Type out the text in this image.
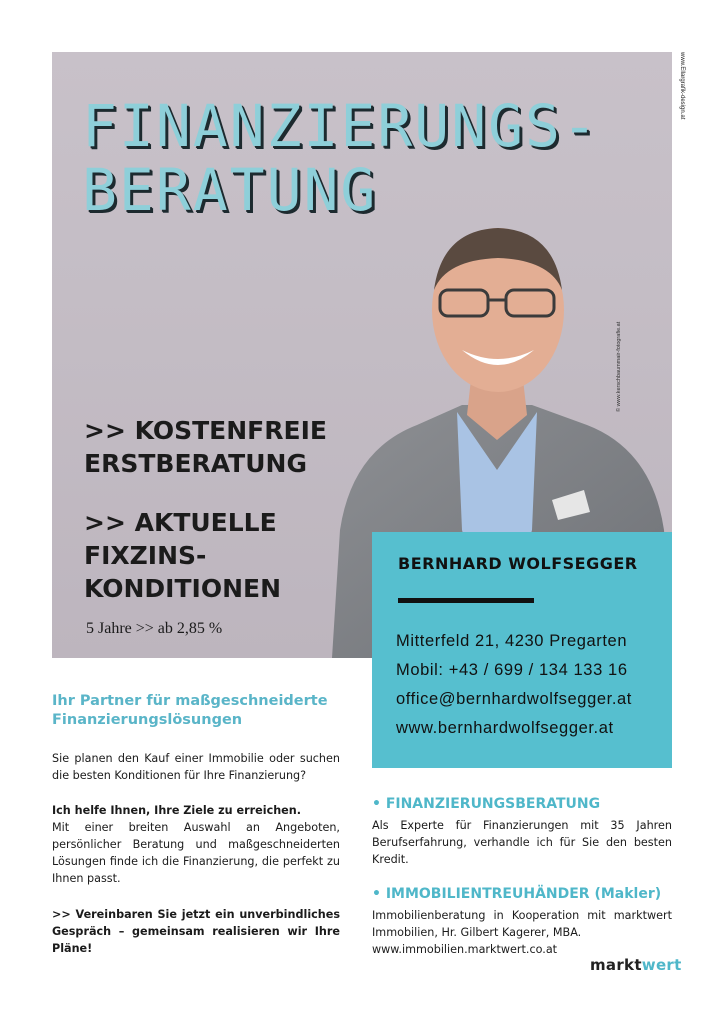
© www.kerschbaummair-fotografie.at
www.Ellargrafik-design.at
FINANZIERUNGS-
BERATUNG
>> KOSTENFREIE
ERSTBERATUNG
>> AKTUELLE
FIXZINS-
KONDITIONEN
5 Jahre >> ab 2,85 %
BERNHARD WOLFSEGGER
Mitterfeld 21, 4230 Pregarten
Mobil: +43 / 699 / 134 133 16
office@bernhardwolfsegger.at
www.bernhardwolfsegger.at
Ihr Partner für maßgeschneiderte
Finanzierungslösungen
Sie planen den Kauf einer Immobilie oder suchen die besten Konditionen für Ihre Finanzierung?
Ich helfe Ihnen, Ihre Ziele zu erreichen.
Mit einer breiten Auswahl an Angeboten, persönlicher Beratung und maßgeschneiderten Lösungen finde ich die Finanzierung, die perfekt zu Ihnen passt.
>> Vereinbaren Sie jetzt ein unverbindliches Gespräch – gemeinsam realisieren wir Ihre Pläne!
• FINANZIERUNGSBERATUNG
Als Experte für Finanzierungen mit 35 Jahren Berufserfahrung, verhandle ich für Sie den besten Kredit.
• IMMOBILIENTREUHÄNDER (Makler)
Immobilienberatung in Kooperation mit marktwert Immobilien, Hr. Gilbert Kagerer, MBA.
www.immobilien.marktwert.co.at
marktwert
